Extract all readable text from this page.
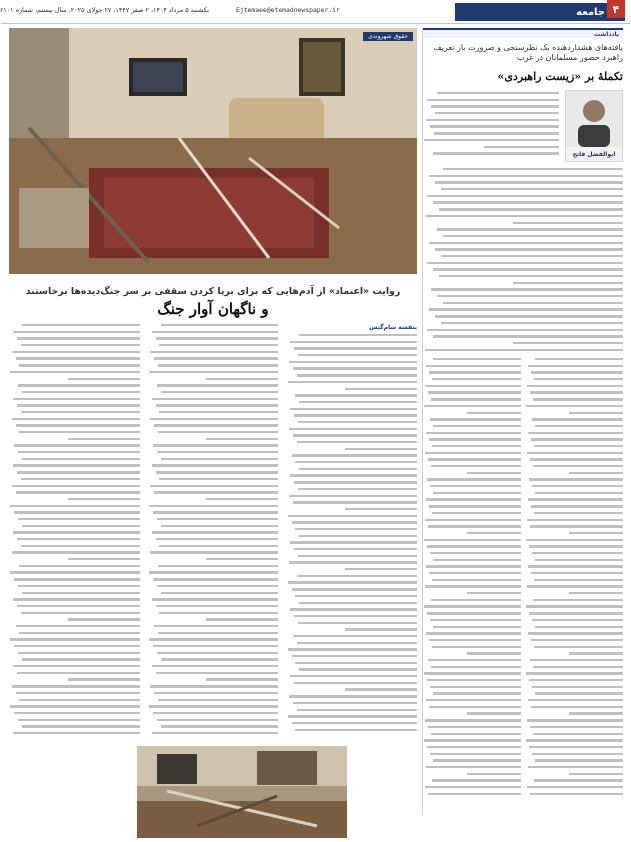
جامعه ۴
Ejtemaee@etemadnewspaper.ir
یکشنبه ۵ مرداد ۱۴۰۴، ۲ صفر ۱۴۴۷، ۲۷ جولای ۲۰۲۵، سال بیستم، شماره ۶۱۰۱
حقوق شهروندی
روایت «اعتماد» از آدم‌هایی که برای برپا کردن سقفی بر سر جنگ‌دیده‌ها برخاستند
و ناگهان آوار جنگ
بنفشه سام‌گیس
یادداشت
یافته‌های هشداردهنده یک نظرسنجی و ضرورت باز تعریف راهبرد حضور مسلمانان در غرب
تکملهٔ بر «زیست راهبردی»
ابوالفضل فاتح
